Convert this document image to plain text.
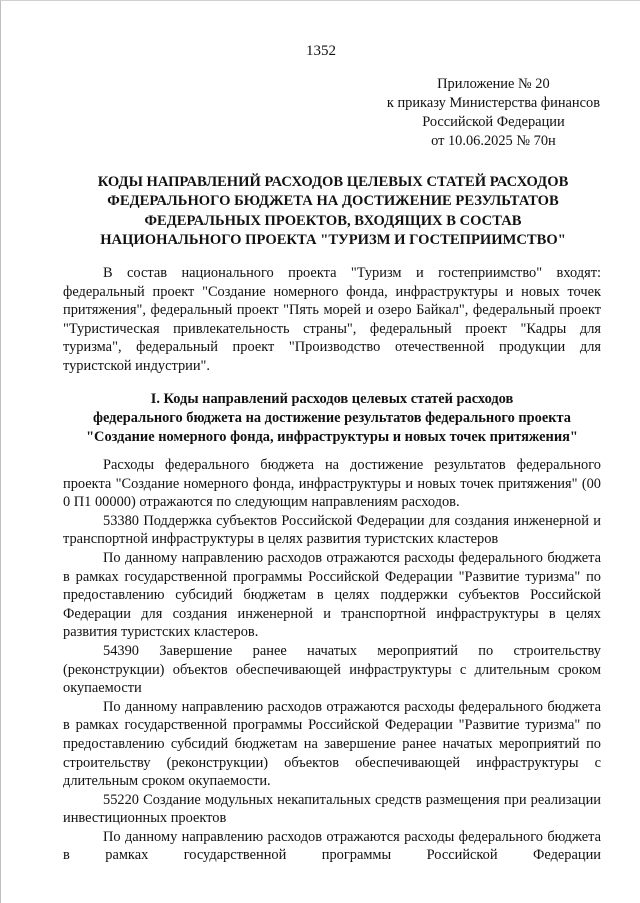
1352
Приложение № 20
к приказу Министерства финансов
Российской Федерации
от 10.06.2025 № 70н
КОДЫ НАПРАВЛЕНИЙ РАСХОДОВ ЦЕЛЕВЫХ СТАТЕЙ РАСХОДОВ
ФЕДЕРАЛЬНОГО БЮДЖЕТА НА ДОСТИЖЕНИЕ РЕЗУЛЬТАТОВ
ФЕДЕРАЛЬНЫХ ПРОЕКТОВ, ВХОДЯЩИХ В СОСТАВ
НАЦИОНАЛЬНОГО ПРОЕКТА "ТУРИЗМ И ГОСТЕПРИИМСТВО"

В состав национального проекта "Туризм и гостеприимство" входят: федеральный проект "Создание номерного фонда, инфраструктуры и новых точек притяжения", федеральный проект "Пять морей и озеро Байкал", федеральный проект "Туристическая привлекательность страны", федеральный проект "Кадры для туризма", федеральный проект "Производство отечественной продукции для туристской индустрии".

I. Коды направлений расходов целевых статей расходов
федерального бюджета на достижение результатов федерального проекта
"Создание номерного фонда, инфраструктуры и новых точек притяжения"

Расходы федерального бюджета на достижение результатов федерального проекта "Создание номерного фонда, инфраструктуры и новых точек притяжения" (00 0 П1 00000) отражаются по следующим направлениям расходов.

53380 Поддержка субъектов Российской Федерации для создания инженерной и транспортной инфраструктуры в целях развития туристских кластеров

По данному направлению расходов отражаются расходы федерального бюджета в рамках государственной программы Российской Федерации "Развитие туризма" по предоставлению субсидий бюджетам в целях поддержки субъектов Российской Федерации для создания инженерной и транспортной инфраструктуры в целях развития туристских кластеров.

54390 Завершение ранее начатых мероприятий по строительству (реконструкции) объектов обеспечивающей инфраструктуры с длительным сроком окупаемости

По данному направлению расходов отражаются расходы федерального бюджета в рамках государственной программы Российской Федерации "Развитие туризма" по предоставлению субсидий бюджетам на завершение ранее начатых мероприятий по строительству (реконструкции) объектов обеспечивающей инфраструктуры с длительным сроком окупаемости.

55220 Создание модульных некапитальных средств размещения при реализации инвестиционных проектов

По данному направлению расходов отражаются расходы федерального бюджета в рамках государственной программы Российской Федерации
